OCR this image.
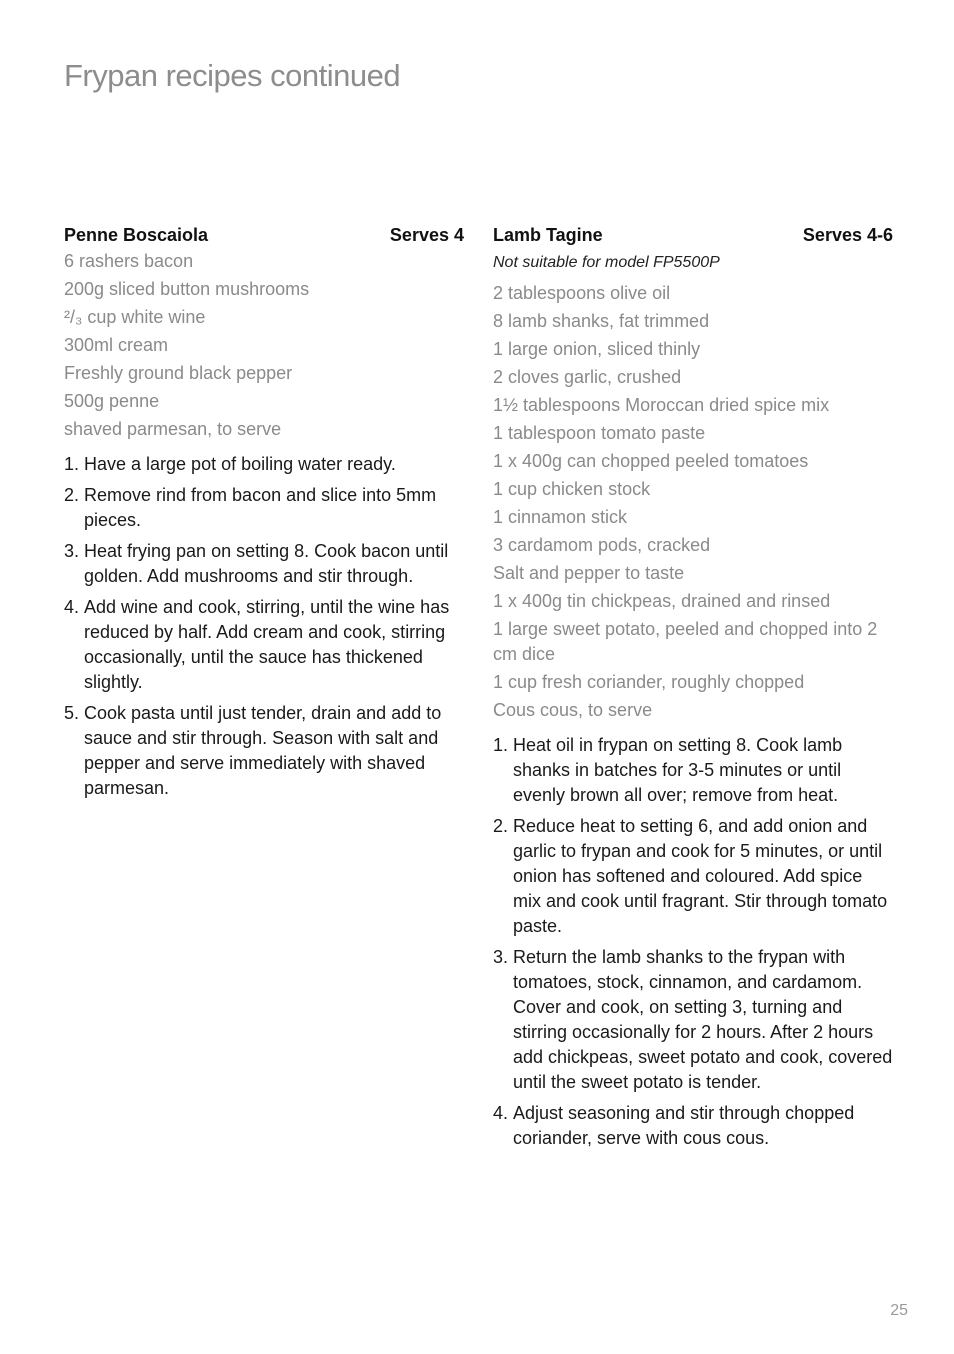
Frypan recipes continued
Penne Boscaiola	Serves 4
6 rashers bacon
200g sliced button mushrooms
²/₃ cup white wine
300ml cream
Freshly ground black pepper
500g penne
shaved parmesan, to serve
1. Have a large pot of boiling water ready.
2. Remove rind from bacon and slice into 5mm pieces.
3. Heat frying pan on setting 8. Cook bacon until golden. Add mushrooms and stir through.
4. Add wine and cook, stirring, until the wine has reduced by half. Add cream and cook, stirring occasionally, until the sauce has thickened slightly.
5. Cook pasta until just tender, drain and add to sauce and stir through. Season with salt and pepper and serve immediately with shaved parmesan.
Lamb Tagine	Serves 4-6
Not suitable for model FP5500P
2 tablespoons olive oil
8 lamb shanks, fat trimmed
1 large onion, sliced thinly
2 cloves garlic, crushed
1½ tablespoons Moroccan dried spice mix
1 tablespoon tomato paste
1 x 400g can chopped peeled tomatoes
1 cup chicken stock
1 cinnamon stick
3 cardamom pods, cracked
Salt and pepper to taste
1 x 400g tin chickpeas, drained and rinsed
1 large sweet potato, peeled and chopped into 2 cm dice
1 cup fresh coriander, roughly chopped
Cous cous, to serve
1. Heat oil in frypan on setting 8. Cook lamb shanks in batches for 3-5 minutes or until evenly brown all over; remove from heat.
2. Reduce heat to setting 6, and add onion and garlic to frypan and cook for 5 minutes, or until onion has softened and coloured. Add spice mix and cook until fragrant. Stir through tomato paste.
3. Return the lamb shanks to the frypan with tomatoes, stock, cinnamon, and cardamom. Cover and cook, on setting 3, turning and stirring occasionally for 2 hours. After 2 hours add chickpeas, sweet potato and cook, covered until the sweet potato is tender.
4. Adjust seasoning and stir through chopped coriander, serve with cous cous.
25
